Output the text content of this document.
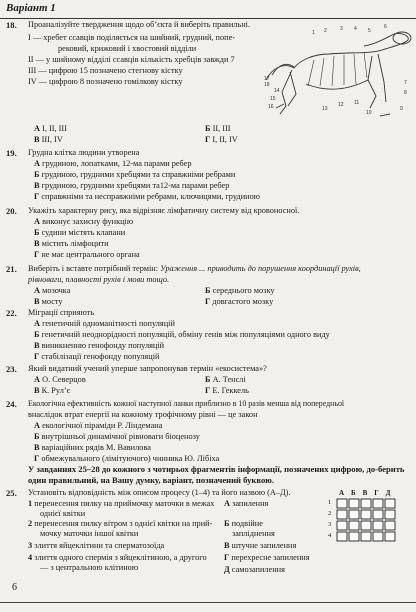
Варіант 1
18. Проаналізуйте твердження щодо об’єкта й виберіть правильні.
І — хребет ссавців поділяється на шийний, грудний, попе-
рековий, крижовий і хвостовий відділи
ІІ — у шийному відділі ссавців кількість хребців завжди 7
ІІІ — цифрою 15 позначено стегнову кістку
IV — цифрою 8 позначено гомілкову кістку
1 2	3 4 5
6
7
8
9
10
11
12
13
14
15
16
17
18
А І, ІІ, ІІІ	Б ІІ, ІІІ
В ІІІ, IV	Г І, ІІ, IV
19. Грудна клітка людини утворена
А грудиною, лопатками, 12-ма парами ребер
Б грудиною, грудними хребцями та справжніми ребрами
В грудиною, грудними хребцями та12-ма парами ребер
Г справжніми та несправжніми ребрами, ключицями, грудиною
20. Укажіть характерну рису, яка відрізняє лімфатичну систему від кровоносної.
А виконує захисну функцію
Б судини містять клапани
В містить лімфоцити
Г не має центрального органа
21. Виберіть і вставте потрібний термін: Ураження ... приводить до порушення координації рухів,
рівноваги, плавності рухів і мови тощо.
А мозочка	Б середнього мозку
В мосту	Г довгастого мозку
22. Міграції сприяють
А генетичній одноманітності популяцій
Б генетичній неоднорідності популяцій, обміну генів між популяціями одного виду
В виникненню генофонду популяцій
Г стабілізації генофонду популяцій
23. Який видатний учений уперше запропонував термін «екосистема»?
А О. Северцов	Б А. Тенслі
В К. Рул’є	Г Е. Геккель
24. Екологічна ефективність кожної наступної ланки приблизно в 10 разів менша від попередньої
внаслідок втрат енергії на кожному трофічному рівні — це закон
А екологічної піраміди Р. Ліндемана
Б внутрішньої динамічної рівноваги біоценозу
В варіаційних рядів М. Вавилова
Г обмежувального (лімітуючого) чинника Ю. Лібіха
У завданнях 25–28 до кожного з чотирьох фрагментів інформації, позначених цифрою, до-берить один правильний, на Вашу думку, варіант, позначений буквою.
25. Установіть відповідність між описом процесу (1–4) та його назвою (А–Д).
1 перенесення пилку на приймочку маточки в межах
однієї квітки
2 перенесення пилку вітром з однієї квітки на прий-
мочку маточки іншої квітки
3 злиття яйцеклітини та сперматозоїда
4 злиття одного спермія з яйцеклітиною, а другого
— з центральною клітиною
А запилення
Б подвійне
запліднення
В штучне запилення
Г перехресне запилення
Д самозапилення
А Б В Г Д
1
2
3
4
6
